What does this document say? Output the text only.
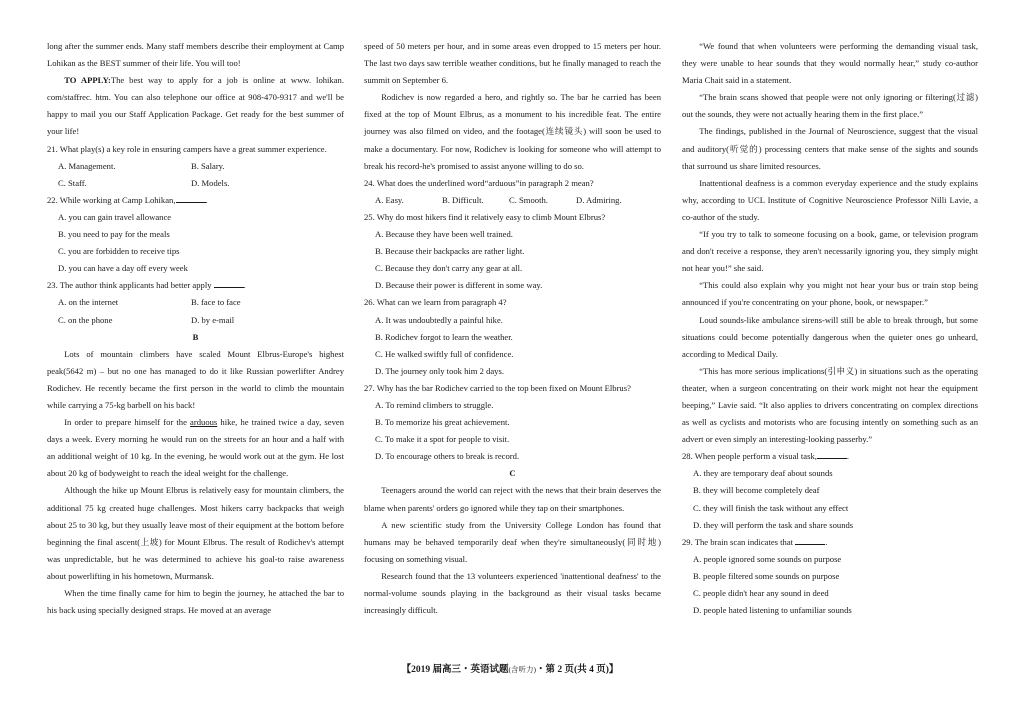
long after the summer ends. Many staff members describe their employment at Camp Lohikan as the BEST summer of their life. You will too!
TO APPLY:The best way to apply for a job is online at www. lohikan. com/staffrec. htm. You can also telephone our office at 908-470-9317 and we'll be happy to mail you our Staff Application Package. Get ready for the best summer of your life!
21. What play(s) a key role in ensuring campers have a great summer experience.
A. Management.	B. Salary.
C. Staff.	D. Models.
22. While working at Camp Lohikan,	.
A. you can gain travel allowance
B. you need to pay for the meals
C. you are forbidden to receive tips
D. you can have a day off every week
23. The author think applicants had better apply	.
A. on the internet	B. face to face
C. on the phone	D. by e-mail
B
Lots of mountain climbers have scaled Mount Elbrus-Europe's highest peak(5642 m) – but no one has managed to do it like Russian powerlifter Andrey Rodichev. He recently became the first person in the world to climb the mountain while carrying a 75-kg barbell on his back!
In order to prepare himself for the arduous hike, he trained twice a day, seven days a week. Every morning he would run on the streets for an hour and a half with an additional weight of 10 kg. In the evening, he would work out at the gym. He lost about 20 kg of bodyweight to reach the ideal weight for the challenge.
Although the hike up Mount Elbrus is relatively easy for mountain climbers, the additional 75 kg created huge challenges. Most hikers carry backpacks that weigh about 25 to 30 kg, but they usually leave most of their equipment at the bottom before beginning the final ascent(上坡) for Mount Elbrus. The result of Rodichev's attempt was unpredictable, but he was determined to achieve his goal-to raise awareness about powerlifting in his hometown, Murmansk.
When the time finally came for him to begin the journey, he attached the bar to his back using specially designed straps. He moved at an average
speed of 50 meters per hour, and in some areas even dropped to 15 meters per hour. The last two days saw terrible weather conditions, but he finally managed to reach the summit on September 6.
Rodichev is now regarded a hero, and rightly so. The bar he carried has been fixed at the top of Mount Elbrus, as a monument to his incredible feat. The entire journey was also filmed on video, and the footage(连续镜头) will soon be used to make a documentary. For now, Rodichev is looking for someone who will attempt to break his record-he's promised to assist anyone willing to do so.
24. What does the underlined word“arduous”in paragraph 2 mean?
A. Easy.	B. Difficult.	C. Smooth.	D. Admiring.
25. Why do most hikers find it relatively easy to climb Mount Elbrus?
A. Because they have been well trained.
B. Because their backpacks are rather light.
C. Because they don't carry any gear at all.
D. Because their power is different in some way.
26. What can we learn from paragraph 4?
A. It was undoubtedly a painful hike.
B. Rodichev forgot to learn the weather.
C. He walked swiftly full of confidence.
D. The journey only took him 2 days.
27. Why has the bar Rodichev carried to the top been fixed on Mount Elbrus?
A. To remind climbers to struggle.
B. To memorize his great achievement.
C. To make it a spot for people to visit.
D. To encourage others to break is record.
C
Teenagers around the world can reject with the news that their brain deserves the blame when parents' orders go ignored while they tap on their smartphones.
A new scientific study from the University College London has found that humans may be behaved temporarily deaf when they're simultaneously(同时地) focusing on something visual.
Research found that the 13 volunteers experienced 'inattentional deafness' to the normal-volume sounds playing in the background as their visual tasks became increasingly difficult.
“We found that when volunteers were performing the demanding visual task, they were unable to hear sounds that they would normally hear,” study co-author Maria Chait said in a statement.
“The brain scans showed that people were not only ignoring or filtering(过滤) out the sounds, they were not actually hearing them in the first place.”
The findings, published in the Journal of Neuroscience, suggest that the visual and auditory(听觉的) processing centers that make sense of the sights and sounds that surround us share limited resources.
Inattentional deafness is a common everyday experience and the study explains why, according to UCL Institute of Cognitive Neuroscience Professor Nilli Lavie, a co-author of the study.
“If you try to talk to someone focusing on a book, game, or television program and don't receive a response, they aren't necessarily ignoring you, they simply might not hear you!” she said.
“This could also explain why you might not hear your bus or train stop being announced if you're concentrating on your phone, book, or newspaper.”
Loud sounds-like ambulance sirens-will still be able to break through, but some situations could become potentially dangerous when the quieter ones go unheard, according to Medical Daily.
“This has more serious implications(引申义) in situations such as the operating theater, when a surgeon concentrating on their work might not hear the equipment beeping,” Lavie said. “It also applies to drivers concentrating on complex directions as well as cyclists and motorists who are focusing intently on something such as an advert or even simply an interesting-looking passerby.”
28. When people perform a visual task,	.
A. they are temporary deaf about sounds
B. they will become completely deaf
C. they will finish the task without any effect
D. they will perform the task and share sounds
29. The brain scan indicates that	.
A. people ignored some sounds on purpose
B. people filtered some sounds on purpose
C. people didn't hear any sound in deed
D. people hated listening to unfamiliar sounds
【2019 届高三・英语试题(含听力)・第 2 页(共 4 页)】
